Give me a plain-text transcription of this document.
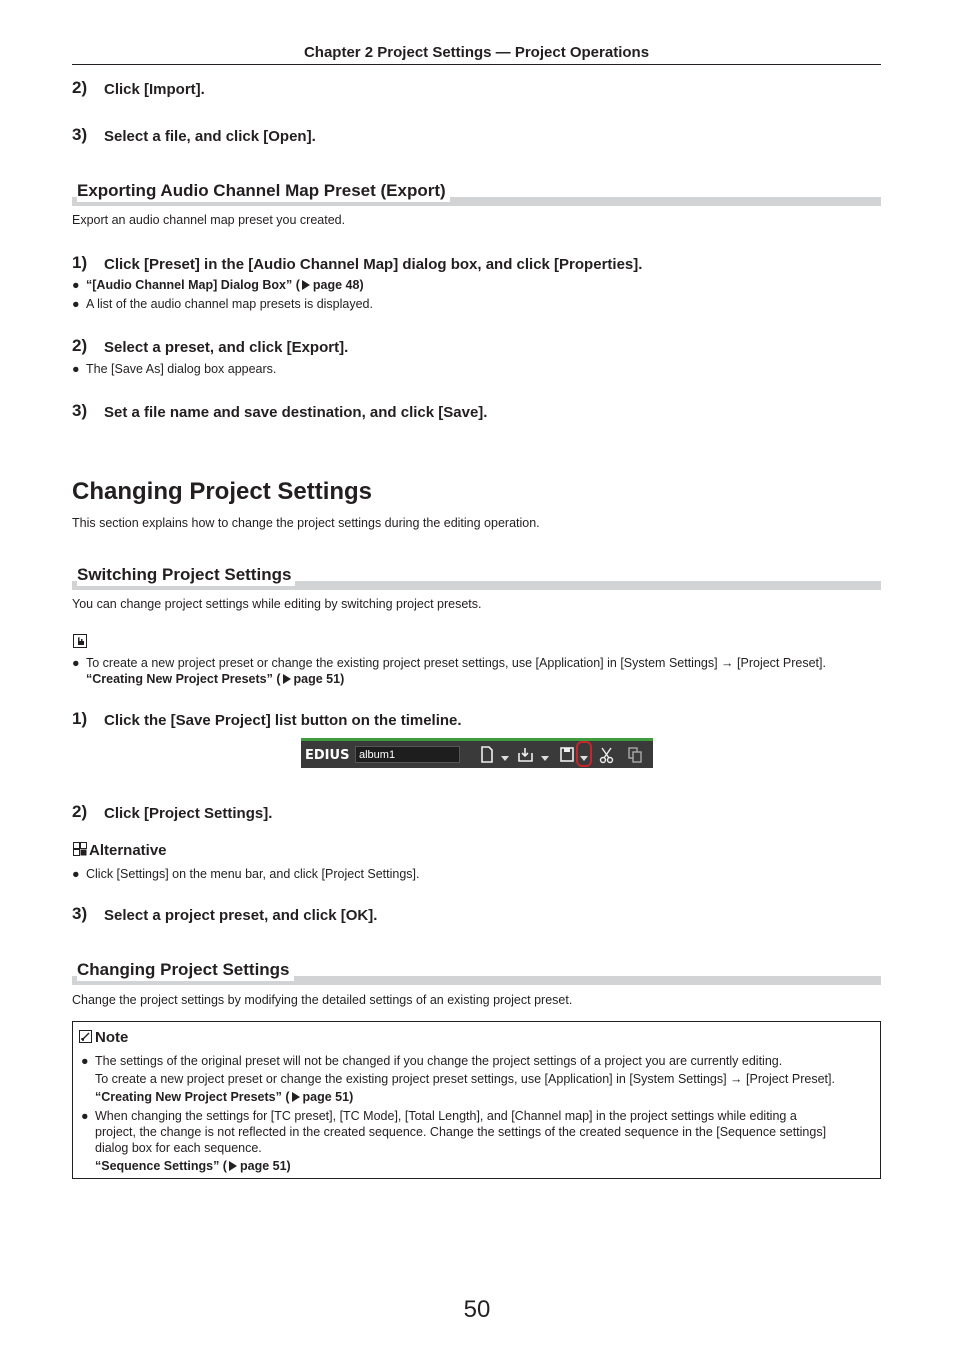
Chapter 2 Project Settings — Project Operations
2) Click [Import].
3) Select a file, and click [Open].
Exporting Audio Channel Map Preset (Export)
Export an audio channel map preset you created.
1) Click [Preset] in the [Audio Channel Map] dialog box, and click [Properties].
● “[Audio Channel Map] Dialog Box” ( page 48)
● A list of the audio channel map presets is displayed.
2) Select a preset, and click [Export].
● The [Save As] dialog box appears.
3) Set a file name and save destination, and click [Save].
Changing Project Settings
This section explains how to change the project settings during the editing operation.
Switching Project Settings
You can change project settings while editing by switching project presets.
● To create a new project preset or change the existing project preset settings, use [Application] in [System Settings] → [Project Preset].
“Creating New Project Presets” ( page 51)
1) Click the [Save Project] list button on the timeline.
EDIUS album1
2) Click [Project Settings].
Alternative
● Click [Settings] on the menu bar, and click [Project Settings].
3) Select a project preset, and click [OK].
Changing Project Settings
Change the project settings by modifying the detailed settings of an existing project preset.
Note
● The settings of the original preset will not be changed if you change the project settings of a project you are currently editing.
To create a new project preset or change the existing project preset settings, use [Application] in [System Settings] → [Project Preset].
“Creating New Project Presets” ( page 51)
● When changing the settings for [TC preset], [TC Mode], [Total Length], and [Channel map] in the project settings while editing a
project, the change is not reflected in the created sequence. Change the settings of the created sequence in the [Sequence settings]
dialog box for each sequence.
“Sequence Settings” ( page 51)
50
